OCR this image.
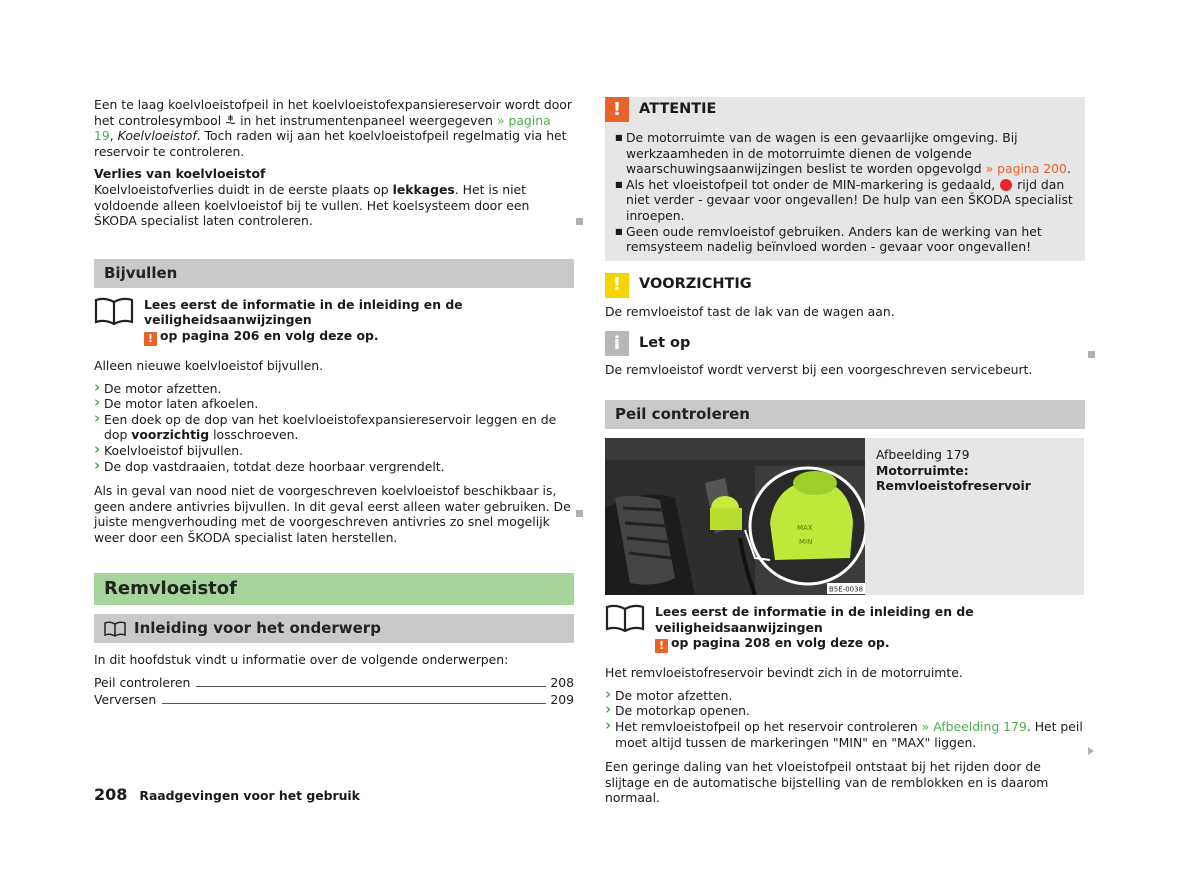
Een te laag koelvloeistofpeil in het koelvloeistofexpansiereservoir wordt door het controlesymbool  in het instrumentenpaneel weergegeven » pagina 19, Koelvloeistof. Toch raden wij aan het koelvloeistofpeil regelmatig via het reservoir te controleren.

Verlies van koelvloeistof

Koelvloeistofverlies duidt in de eerste plaats op lekkages. Het is niet voldoende alleen koelvloeistof bij te vullen. Het koelsysteem door een ŠKODA specialist laten controleren.

Bijvullen

Lees eerst de informatie in de inleiding en de veiligheidsaanwijzingen

! op pagina 206 en volg deze op.

Alleen nieuwe koelvloeistof bijvullen.

› De motor afzetten.
› De motor laten afkoelen.
› Een doek op de dop van het koelvloeistofexpansiereservoir leggen en de dop voorzichtig losschroeven.
› Koelvloeistof bijvullen.
› De dop vastdraaien, totdat deze hoorbaar vergrendelt.

Als in geval van nood niet de voorgeschreven koelvloeistof beschikbaar is, geen andere antivries bijvullen. In dit geval eerst alleen water gebruiken. De juiste mengverhouding met de voorgeschreven antivries zo snel mogelijk weer door een ŠKODA specialist laten herstellen.

Remvloeistof
Inleiding voor het onderwerp

In dit hoofdstuk vindt u informatie over de volgende onderwerpen:

Peil controleren	208
Verversen	209
!	ATTENTIE
■ De motorruimte van de wagen is een gevaarlijke omgeving. Bij werkzaamheden in de motorruimte dienen de volgende waarschuwingsaanwijzingen beslist te worden opgevolgd » pagina 200.
■ Als het vloeistofpeil tot onder de MIN-markering is gedaald,  rijd dan niet verder - gevaar voor ongevallen! De hulp van een ŠKODA specialist inroepen.
■ Geen oude remvloeistof gebruiken. Anders kan de werking van het remsysteem nadelig beïnvloed worden - gevaar voor ongevallen!
!	VOORZICHTIG

De remvloeistof tast de lak van de wagen aan.

i	Let op

De remvloeistof wordt ververst bij een voorgeschreven servicebeurt.

Peil controleren
MAX
MIN
B5E-0038

Afbeelding 179

Motorruimte: Remvloeistofreservoir

Lees eerst de informatie in de inleiding en de veiligheidsaanwijzingen

! op pagina 208 en volg deze op.

Het remvloeistofreservoir bevindt zich in de motorruimte.

› De motor afzetten.
› De motorkap openen.
› Het remvloeistofpeil op het reservoir controleren » Afbeelding 179. Het peil moet altijd tussen de markeringen "MIN" en "MAX" liggen.

Een geringe daling van het vloeistofpeil ontstaat bij het rijden door de slijtage en de automatische bijstelling van de remblokken en is daarom normaal.

208 Raadgevingen voor het gebruik
